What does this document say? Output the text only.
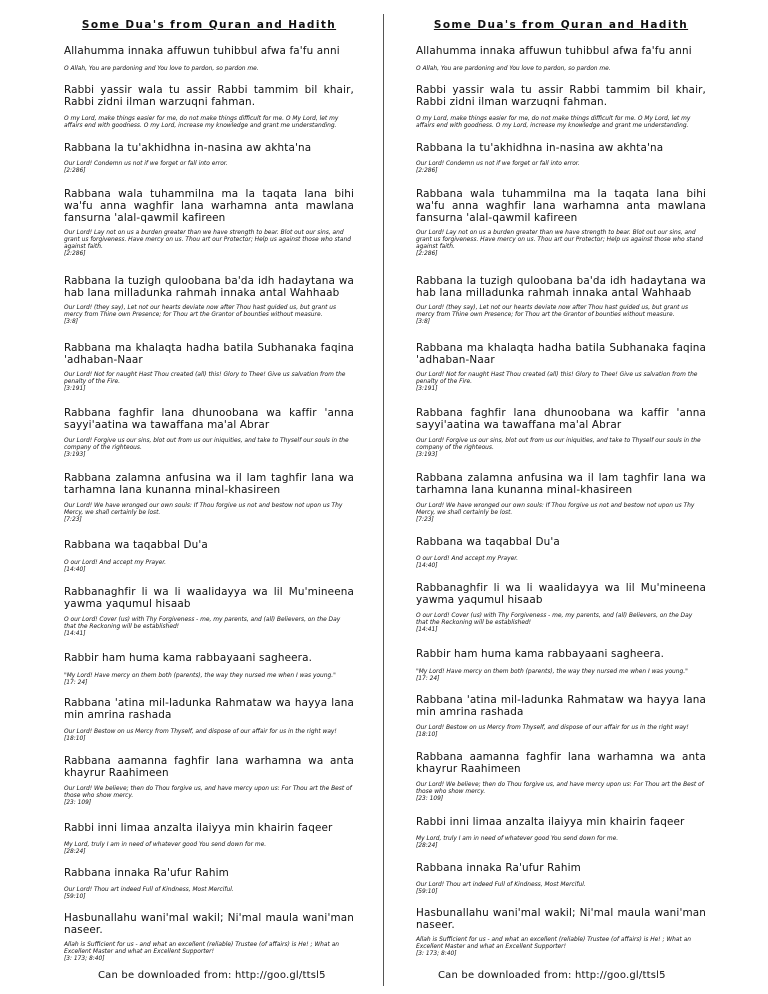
Some Dua's from Quran and Hadith
Allahumma innaka affuwun tuhibbul afwa fa'fu anni
O Allah, You are pardoning and You love to pardon, so pardon me.
Rabbi yassir wala tu assir Rabbi tammim bil khair, Rabbi zidni ilman warzuqni fahman.
O my Lord, make things easier for me, do not make things difficult for me. O My Lord, let my affairs end with goodness. O my Lord, increase my knowledge and grant me understanding.
Rabbana la tu'akhidhna in-nasina aw akhta'na
Our Lord! Condemn us not if we forget or fall into error.
[2:286]
Rabbana wala tuhammilna ma la taqata lana bihi wa'fu anna waghfir lana warhamna anta mawlana fansurna 'alal-qawmil kafireen
Our Lord! Lay not on us a burden greater than we have strength to bear. Blot out our sins, and grant us forgiveness. Have mercy on us. Thou art our Protector; Help us against those who stand against faith.
[2:286]
Rabbana la tuzigh quloobana ba'da idh hadaytana wa hab lana milladunka rahmah innaka antal Wahhaab
Our Lord! (they say), Let not our hearts deviate now after Thou hast guided us, but grant us mercy from Thine own Presence; for Thou art the Grantor of bounties without measure.
[3:8]
Rabbana ma khalaqta hadha batila Subhanaka faqina 'adhaban-Naar
Our Lord! Not for naught Hast Thou created (all) this! Glory to Thee! Give us salvation from the penalty of the Fire.
[3:191]
Rabbana faghfir lana dhunoobana wa kaffir 'anna sayyi'aatina wa tawaffana ma'al Abrar
Our Lord! Forgive us our sins, blot out from us our iniquities, and take to Thyself our souls in the company of the righteous.
[3:193]
Rabbana zalamna anfusina wa il lam taghfir lana wa tarhamna lana kunanna minal-khasireen
Our Lord! We have wronged our own souls: If Thou forgive us not and bestow not upon us Thy Mercy, we shall certainly be lost.
[7:23]
Rabbana wa taqabbal Du'a
O our Lord! And accept my Prayer.
[14:40]
Rabbanaghfir li wa li waalidayya wa lil Mu'mineena yawma yaqumul hisaab
O our Lord! Cover (us) with Thy Forgiveness - me, my parents, and (all) Believers, on the Day that the Reckoning will be established!
[14:41]
Rabbir ham huma kama rabbayaani sagheera.
"My Lord! Have mercy on them both (parents), the way they nursed me when I was young."
[17: 24]
Rabbana 'atina mil-ladunka Rahmataw wa hayya lana min amrina rashada
Our Lord! Bestow on us Mercy from Thyself, and dispose of our affair for us in the right way!
[18:10]
Rabbana aamanna faghfir lana warhamna wa anta khayrur Raahimeen
Our Lord! We believe; then do Thou forgive us, and have mercy upon us: For Thou art the Best of those who show mercy.
[23: 109]
Rabbi inni limaa anzalta ilaiyya min khairin faqeer
My Lord, truly I am in need of whatever good You send down for me.
[28:24]
Rabbana innaka Ra'ufur Rahim
Our Lord! Thou art indeed Full of Kindness, Most Merciful.
[59:10]
Hasbunallahu wani'mal wakil; Ni'mal maula wani'man naseer.
Allah is Sufficient for us - and what an excellent (reliable) Trustee (of affairs) is He! ; What an Excellent Master and what an Excellent Supporter!
[3: 173; 8:40]
Some Dua's from Quran and Hadith
Allahumma innaka affuwun tuhibbul afwa fa'fu anni
O Allah, You are pardoning and You love to pardon, so pardon me.
Rabbi yassir wala tu assir Rabbi tammim bil khair, Rabbi zidni ilman warzuqni fahman.
O my Lord, make things easier for me, do not make things difficult for me. O My Lord, let my affairs end with goodness. O my Lord, increase my knowledge and grant me understanding.
Rabbana la tu'akhidhna in-nasina aw akhta'na
Our Lord! Condemn us not if we forget or fall into error.
[2:286]
Rabbana wala tuhammilna ma la taqata lana bihi wa'fu anna waghfir lana warhamna anta mawlana fansurna 'alal-qawmil kafireen
Our Lord! Lay not on us a burden greater than we have strength to bear. Blot out our sins, and grant us forgiveness. Have mercy on us. Thou art our Protector; Help us against those who stand against faith.
[2:286]
Rabbana la tuzigh quloobana ba'da idh hadaytana wa hab lana milladunka rahmah innaka antal Wahhaab
Our Lord! (they say), Let not our hearts deviate now after Thou hast guided us, but grant us mercy from Thine own Presence; for Thou art the Grantor of bounties without measure.
[3:8]
Rabbana ma khalaqta hadha batila Subhanaka faqina 'adhaban-Naar
Our Lord! Not for naught Hast Thou created (all) this! Glory to Thee! Give us salvation from the penalty of the Fire.
[3:191]
Rabbana faghfir lana dhunoobana wa kaffir 'anna sayyi'aatina wa tawaffana ma'al Abrar
Our Lord! Forgive us our sins, blot out from us our iniquities, and take to Thyself our souls in the company of the righteous.
[3:193]
Rabbana zalamna anfusina wa il lam taghfir lana wa tarhamna lana kunanna minal-khasireen
Our Lord! We have wronged our own souls: If Thou forgive us not and bestow not upon us Thy Mercy, we shall certainly be lost.
[7:23]
Rabbana wa taqabbal Du'a
O our Lord! And accept my Prayer.
[14:40]
Rabbanaghfir li wa li waalidayya wa lil Mu'mineena yawma yaqumul hisaab
O our Lord! Cover (us) with Thy Forgiveness - me, my parents, and (all) Believers, on the Day that the Reckoning will be established!
[14:41]
Rabbir ham huma kama rabbayaani sagheera.
"My Lord! Have mercy on them both (parents), the way they nursed me when I was young."
[17: 24]
Rabbana 'atina mil-ladunka Rahmataw wa hayya lana min amrina rashada
Our Lord! Bestow on us Mercy from Thyself, and dispose of our affair for us in the right way!
[18:10]
Rabbana aamanna faghfir lana warhamna wa anta khayrur Raahimeen
Our Lord! We believe; then do Thou forgive us, and have mercy upon us: For Thou art the Best of those who show mercy.
[23: 109]
Rabbi inni limaa anzalta ilaiyya min khairin faqeer
My Lord, truly I am in need of whatever good You send down for me.
[28:24]
Rabbana innaka Ra'ufur Rahim
Our Lord! Thou art indeed Full of Kindness, Most Merciful.
[59:10]
Hasbunallahu wani'mal wakil; Ni'mal maula wani'man naseer.
Allah is Sufficient for us - and what an excellent (reliable) Trustee (of affairs) is He! ; What an Excellent Master and what an Excellent Supporter!
[3: 173; 8:40]
Can be downloaded from: http://goo.gl/ttsl5	Can be downloaded from: http://goo.gl/ttsl5
